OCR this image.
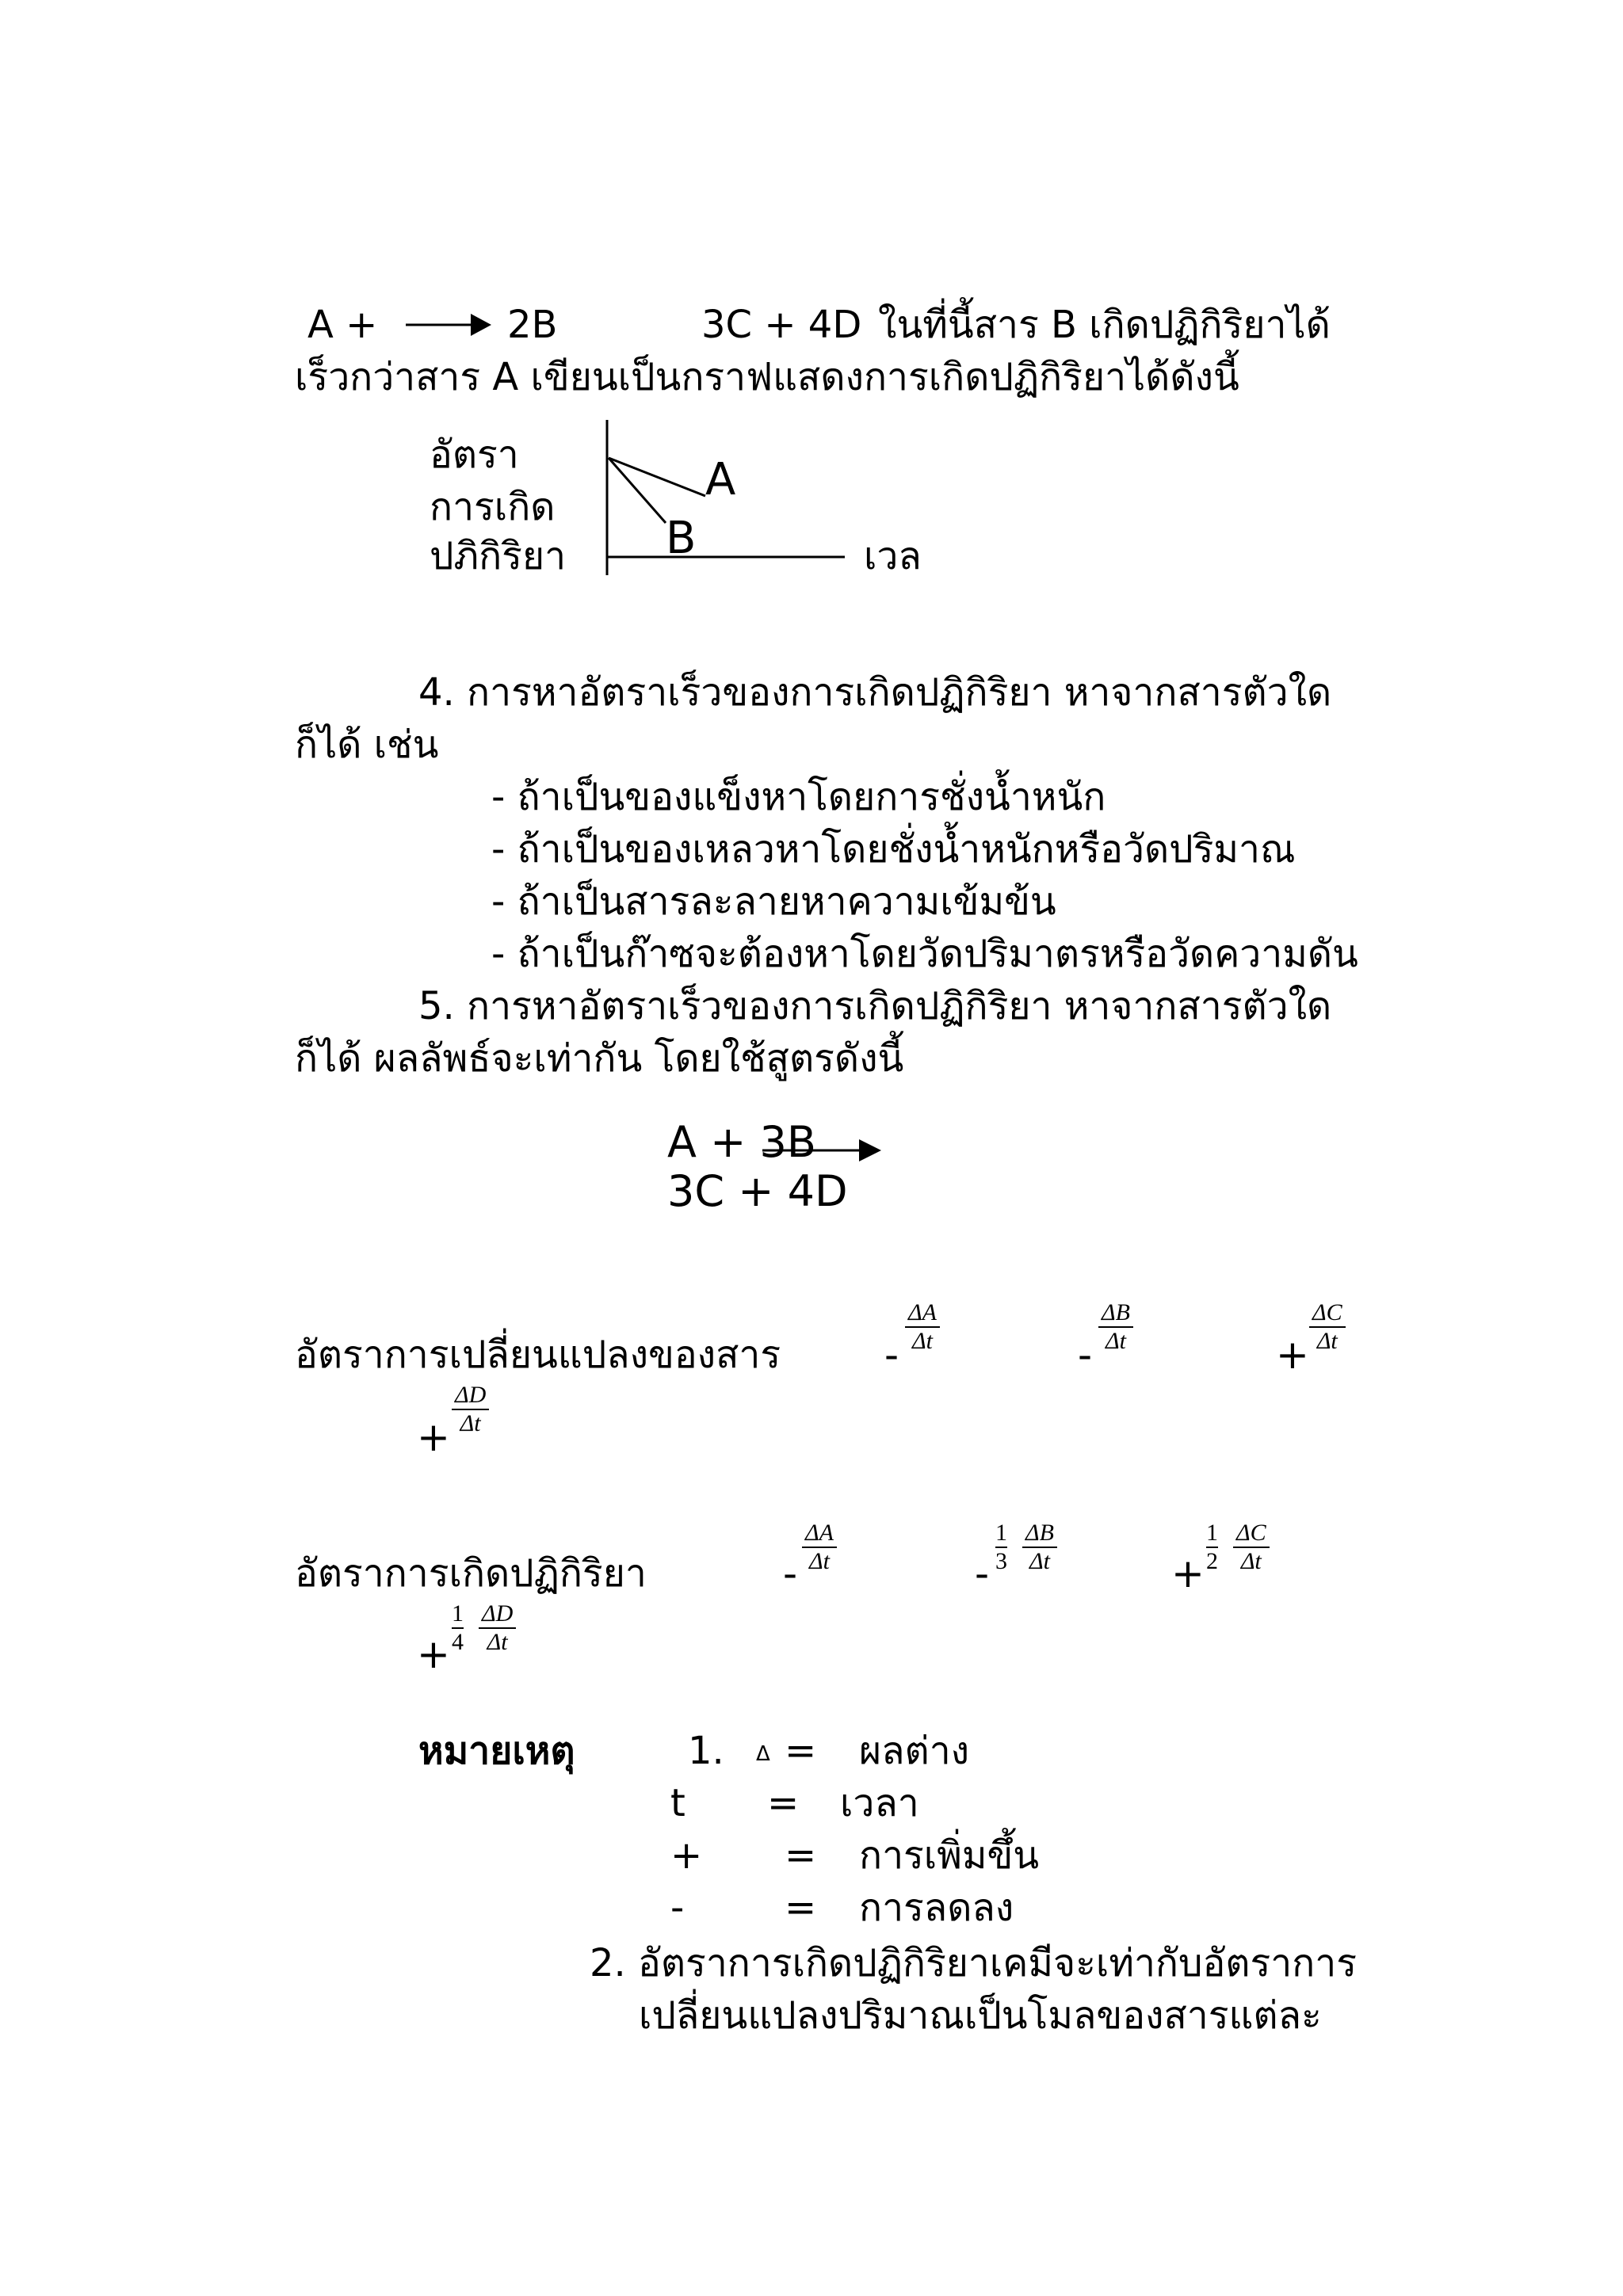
A +	2B	3C + 4D ในที่นี้สาร B เกิดปฏิกิริยาได้
เร็วกว่าสาร A เขียนเป็นกราฟแสดงการเกิดปฏิกิริยาได้ดังนี้
อัตรา
การเกิด
ปภิกิริยา
A
B	เวล
4. การหาอัตราเร็วของการเกิดปฏิกิริยา หาจากสารตัวใด
ก็ได้ เช่น
- ถ้าเป็นของแข็งหาโดยการชั่งน้ำหนัก
- ถ้าเป็นของเหลวหาโดยชั่งน้ำหนักหรือวัดปริมาณ
- ถ้าเป็นสารละลายหาความเข้มข้น
- ถ้าเป็นก๊าซจะต้องหาโดยวัดปริมาตรหรือวัดความดัน
5. การหาอัตราเร็วของการเกิดปฏิกิริยา หาจากสารตัวใด
ก็ได้ ผลลัพธ์จะเท่ากัน โดยใช้สูตรดังนี้
A + 3B
3C + 4D
อัตราการเปลี่ยนแปลงของสาร	- $\frac{\Delta A}{\Delta t}$	- $\frac{\Delta B}{\Delta t}$	+ $\frac{\Delta C}{\Delta t}$
+ $\frac{\Delta D}{\Delta t}$
อัตราการเกิดปฏิกิริยา	- $\frac{\Delta A}{\Delta t}$	- $\frac{1}{3} \frac{\Delta B}{\Delta t}$	+ $\frac{1}{2} \frac{\Delta C}{\Delta t}$
+ $\frac{1}{4} \frac{\Delta D}{\Delta t}$
หมายเหตุ	1. Δ = ผลต่าง
t = เวลา
+ = การเพิ่มขึ้น
-	= การลดลง
2. อัตราการเกิดปฏิกิริยาเคมีจะเท่ากับอัตราการ
เปลี่ยนแปลงปริมาณเป็นโมลของสารแต่ละ
